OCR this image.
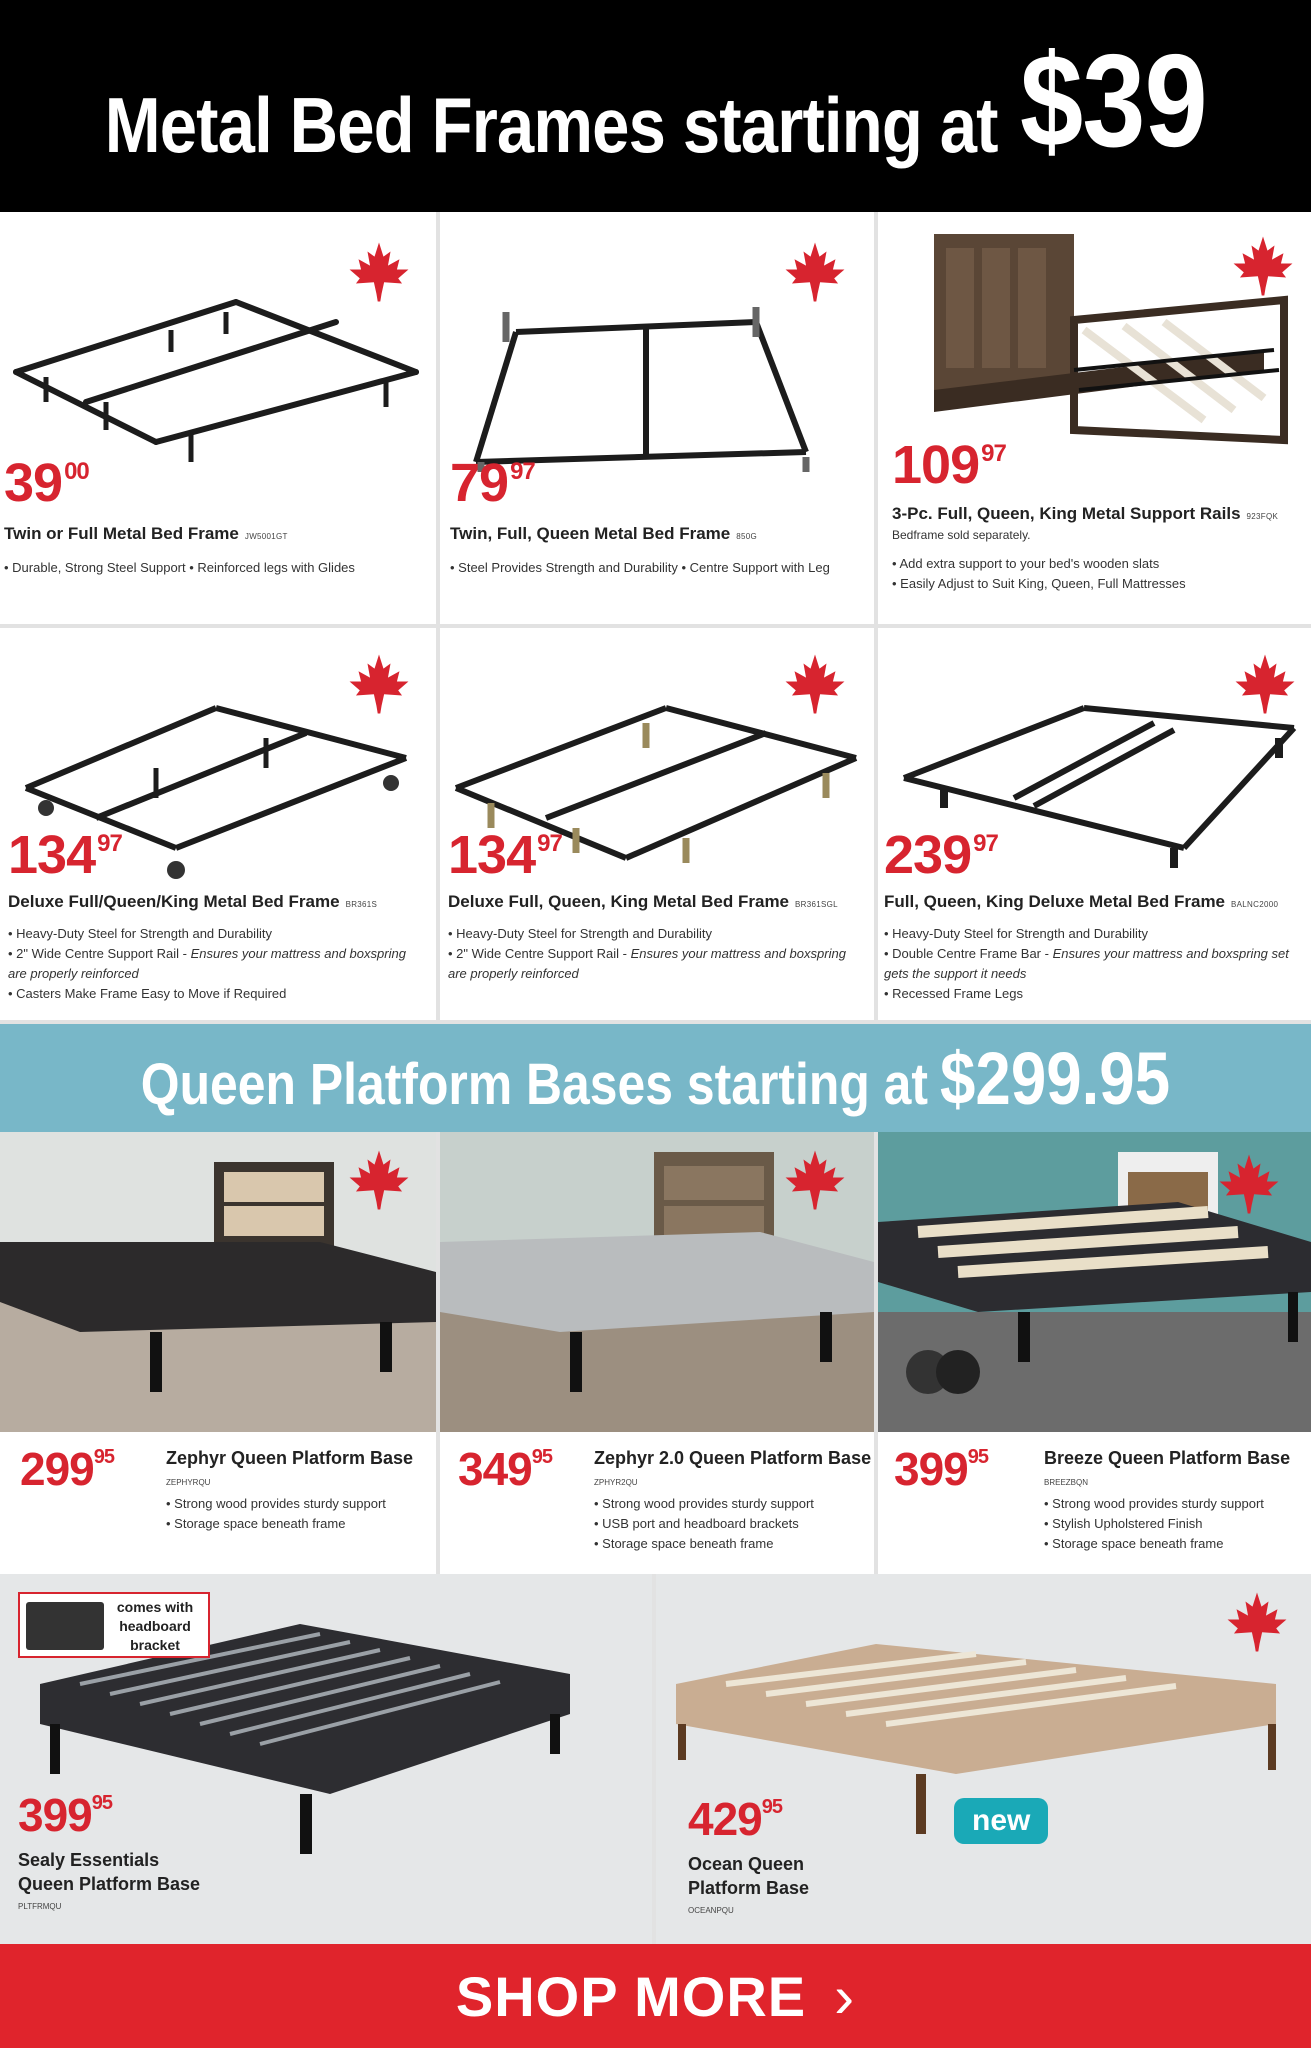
Metal Bed Frames starting at $39
$39^{00}$
Twin or Full Metal Bed Frame JW5001GT
• Durable, Strong Steel Support • Reinforced legs with Glides
$79^{97}$
Twin, Full, Queen Metal Bed Frame 850G
• Steel Provides Strength and Durability • Centre Support with Leg
$109^{97}$
3-Pc. Full, Queen, King Metal Support Rails 923FQK
Bedframe sold separately.
• Add extra support to your bed's wooden slats
• Easily Adjust to Suit King, Queen, Full Mattresses
$134^{97}$
Deluxe Full/Queen/King Metal Bed Frame BR361S
• Heavy-Duty Steel for Strength and Durability
• 2" Wide Centre Support Rail - Ensures your mattress and boxspring are properly reinforced
• Casters Make Frame Easy to Move if Required
$134^{97}$
Deluxe Full, Queen, King Metal Bed Frame BR361SGL
• Heavy-Duty Steel for Strength and Durability
• 2" Wide Centre Support Rail - Ensures your mattress and boxspring are properly reinforced
$239^{97}$
Full, Queen, King Deluxe Metal Bed Frame BALNC2000
• Heavy-Duty Steel for Strength and Durability
• Double Centre Frame Bar - Ensures your mattress and boxspring set gets the support it needs
• Recessed Frame Legs
Queen Platform Bases starting at $299.95
$299^{95}$	Zephyr Queen Platform Base
ZEPHYRQU
• Strong wood provides sturdy support
• Storage space beneath frame
$349^{95}$ Zephyr 2.0 Queen Platform Base
ZPHYR2QU
• Strong wood provides sturdy support
• USB port and headboard brackets
• Storage space beneath frame
$399^{95}$	Breeze Queen Platform Base
BREEZBQN
• Strong wood provides sturdy support
• Stylish Upholstered Finish
• Storage space beneath frame
comes with headboard bracket
$399^{95}$
Sealy Essentials
Queen Platform Base
PLTFRMQU
new
$429^{95}$
Ocean Queen
Platform Base
OCEANPQU
SHOP MORE ›
